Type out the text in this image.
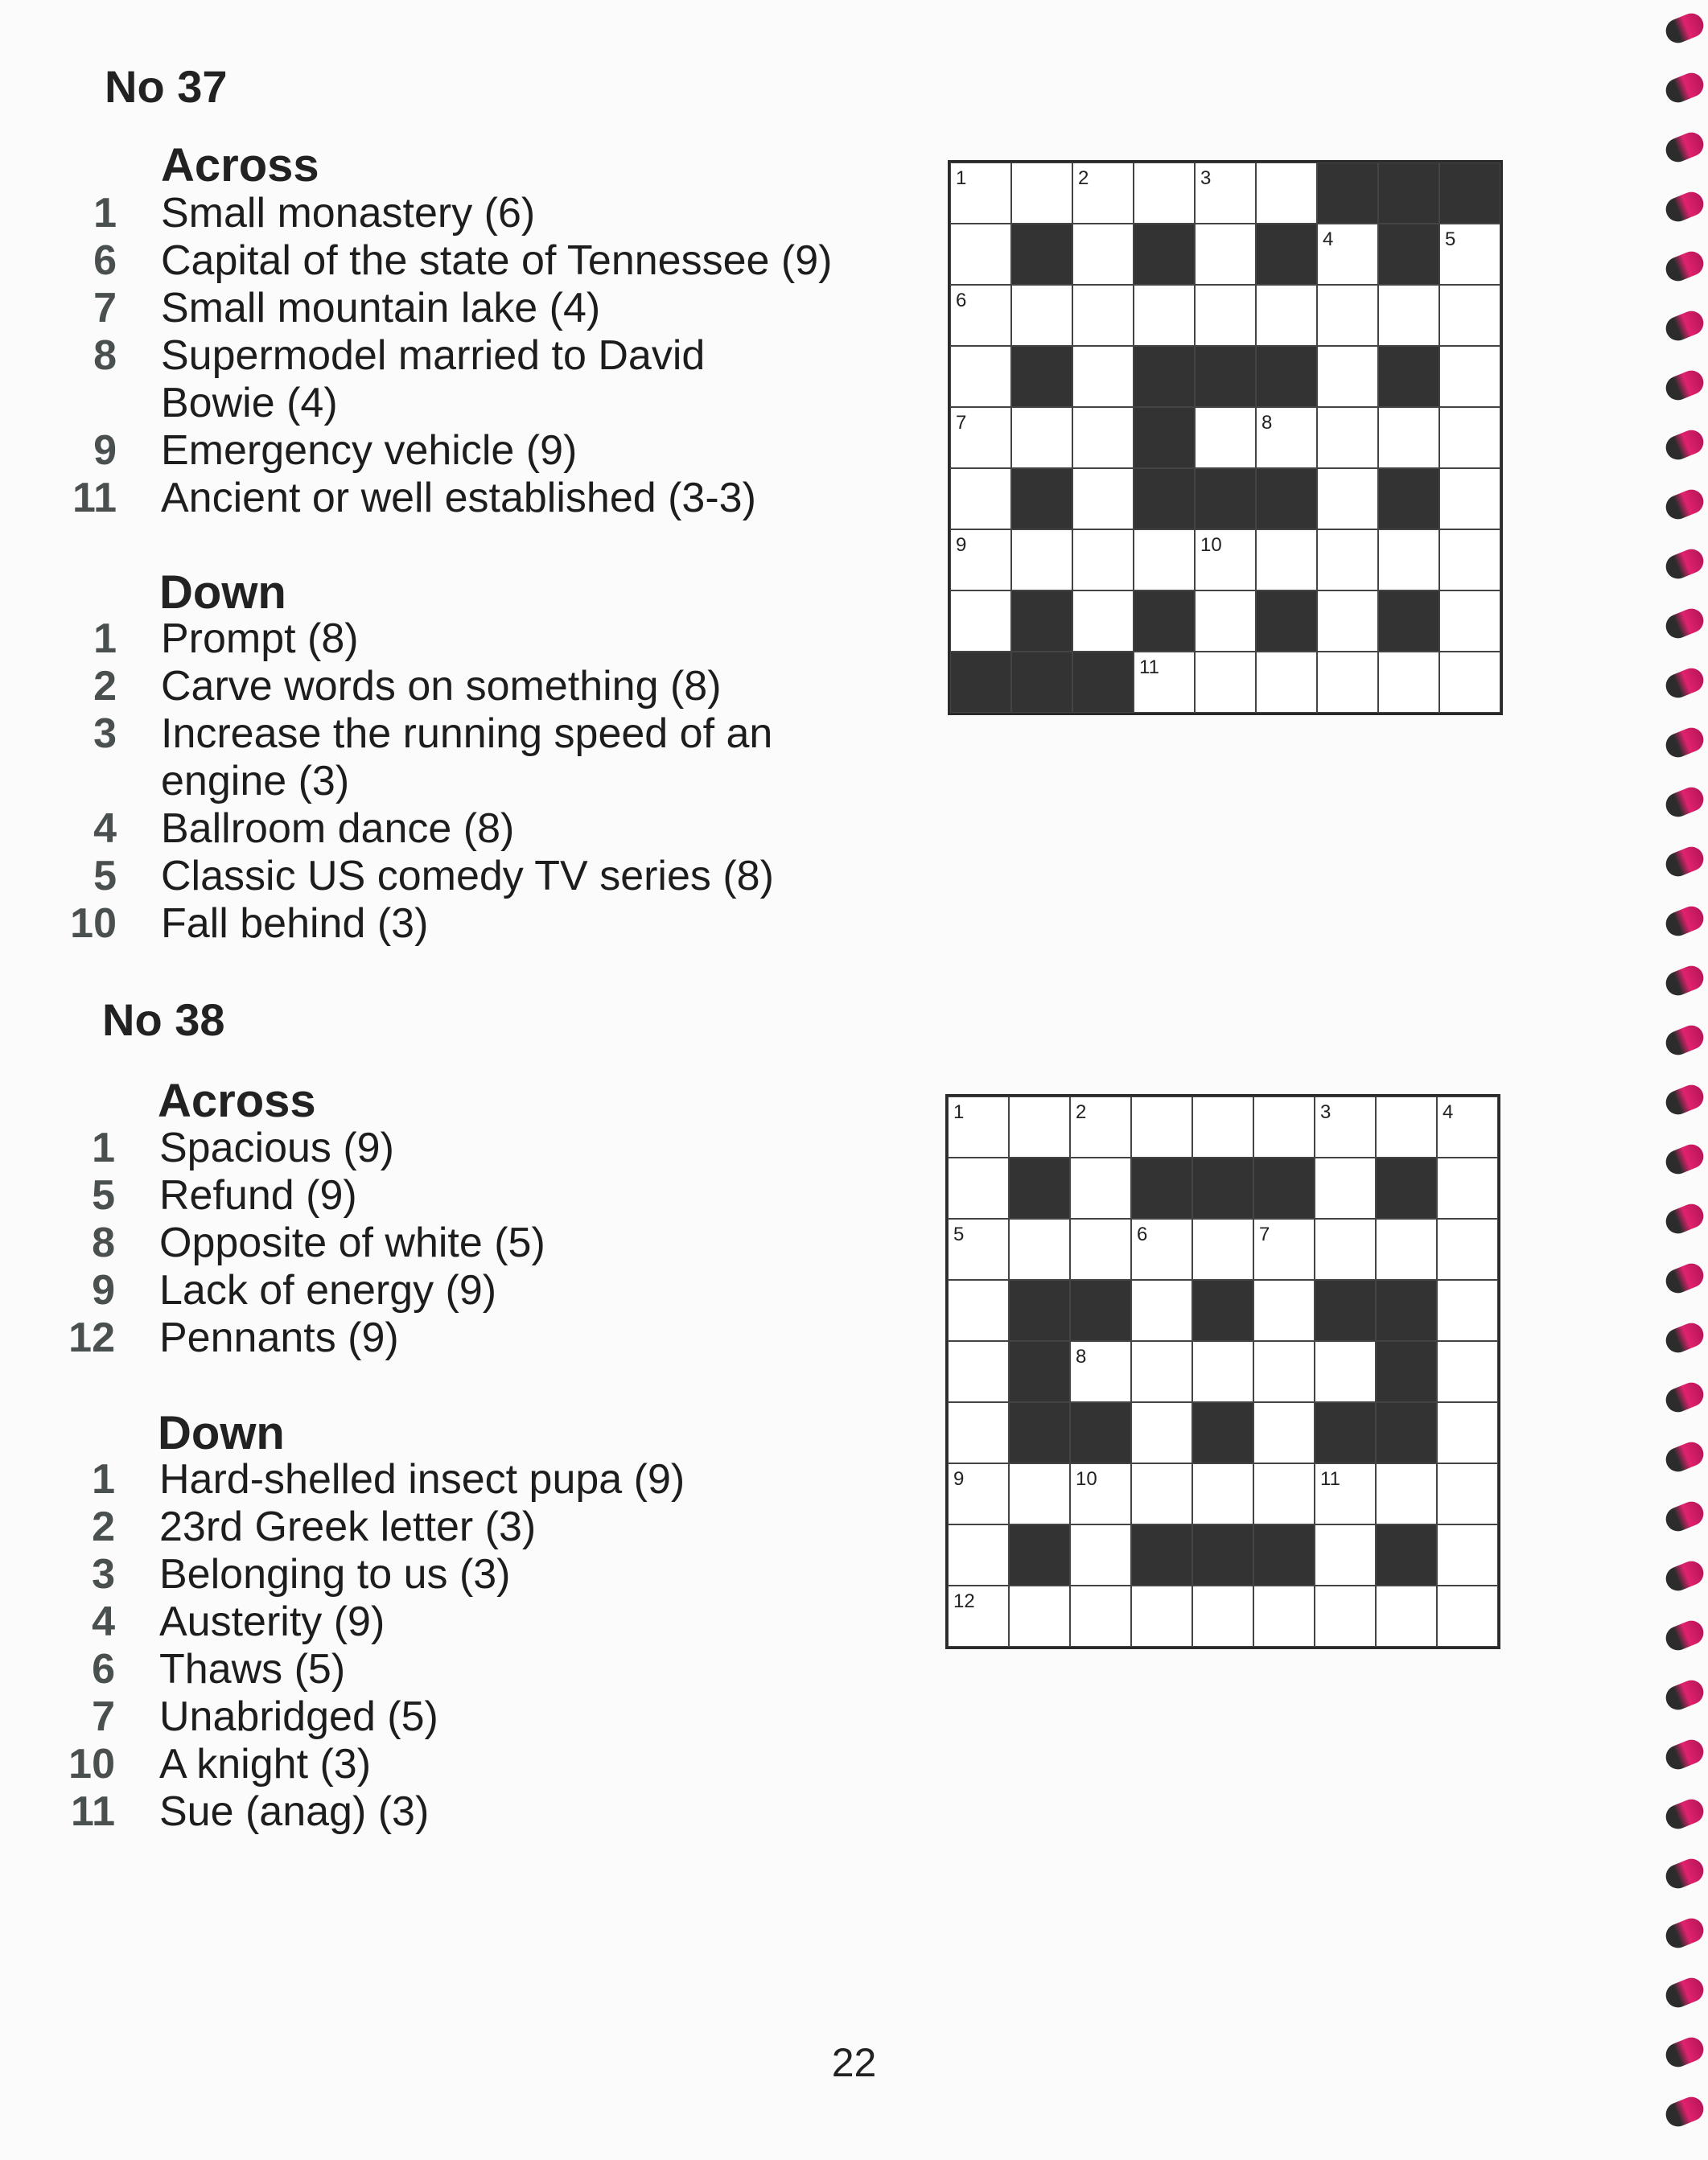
No 37
Across
1 Small monastery (6)
6 Capital of the state of Tennessee (9)
7 Small mountain lake (4)
8 Supermodel married to David
Bowie (4)
9 Emergency vehicle (9)
11 Ancient or well established (3-3)
Down
1 Prompt (8)
2 Carve words on something (8)
3 Increase the running speed of an
engine (3)
4 Ballroom dance (8)
5 Classic US comedy TV series (8)
10 Fall behind (3)
1	2	3
4	5
6
7	8
9	10
11
No 38
Across
1 Spacious (9)
5 Refund (9)
8 Opposite of white (5)
9 Lack of energy (9)
12 Pennants (9)
Down
1 Hard-shelled insect pupa (9)
2 23rd Greek letter (3)
3 Belonging to us (3)
4 Austerity (9)
6 Thaws (5)
7 Unabridged (5)
10 A knight (3)
11 Sue (anag) (3)
1	2	3	4
5	6	7
8
9	10	11
12
22
